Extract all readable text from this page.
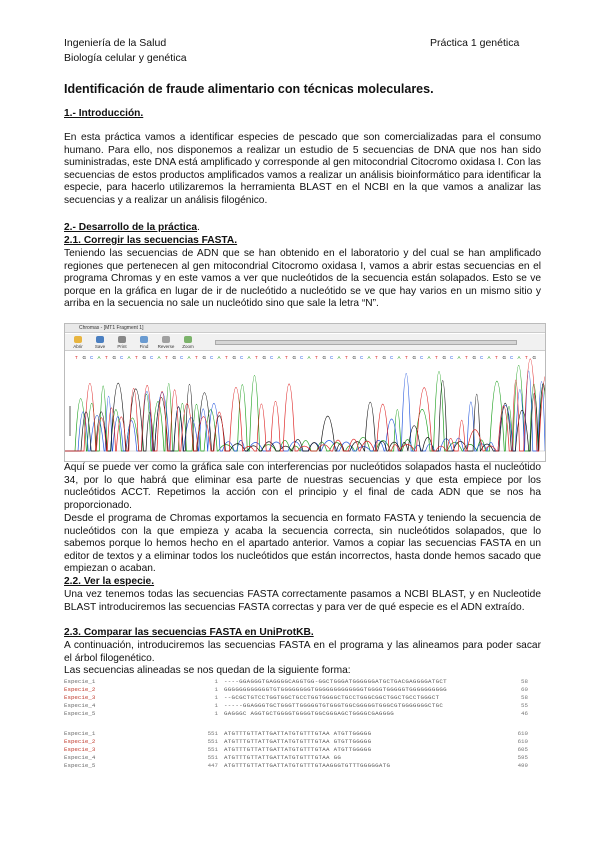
Ingeniería de la Salud
Biología celular y genética
Práctica 1 genética
Identificación de fraude alimentario con técnicas moleculares.
1.- Introducción.
En esta práctica vamos a identificar especies de pescado que son comercializadas para el consumo humano. Para ello, nos disponemos a realizar un estudio de 5 secuencias de DNA que nos han sido suministradas, este DNA está amplificado y corresponde al gen mitocondrial Citocromo oxidasa I. Con las secuencias de estos productos amplificados vamos a realizar un análisis bioinformático para identificar la especie, para hacerlo utilizaremos la herramienta BLAST en el NCBI en la que vamos a analizar las secuencias y a realizar un análisis filogénico.
2.- Desarrollo de la práctica.
2.1. Corregir las secuencias FASTA.
Teniendo las secuencias de ADN que se han obtenido en el laboratorio y del cual se han amplificado regiones que pertenecen al gen mitocondrial Citocromo oxidasa I, vamos a abrir estas secuencias en el programa Chromas y en este vamos a ver que nucleótidos de la secuencia están solapados. Esto se ve porque en la gráfica en lugar de ir de nucleótido a nucleótido se ve que hay varios en un mismo sitio y arriba en la secuencia no sale un nucleótido sino que sale la letra “N”.
Chromas - [MT1 Fragment 1]
Abrir	Save	Print	Find	Reverse	Zoom
T G C A T G C A T G C A T G C A T G C A T G C A T G C A T G C A T G C A T G C A T G C A T G C A T G C A T G C A T G C A T G
Aquí se puede ver como la gráfica sale con interferencias por nucleótidos solapados hasta el nucleótido 34, por lo que habrá que eliminar esa parte de nuestras secuencias y que esta empiece por los nucleótidos ACCT. Repetimos la acción con el principio y el final de cada ADN que se nos ha proporcionado.
Desde el programa de Chromas exportamos la secuencia en formato FASTA y teniendo la secuencia de nucleótidos con la que empieza y acaba la secuencia correcta, sin nucleótidos solapados, que lo sabemos porque lo hemos hecho en el apartado anterior. Vamos a copiar las secuencias FASTA en un editor de textos y a eliminar todos los nucleótidos que están incorrectos, hasta donde hemos sacado que empiezan o acaban.
2.2. Ver la especie.
Una vez tenemos todas las secuencias FASTA correctamente pasamos a NCBI BLAST, y en Nucleotide BLAST introduciremos las secuencias FASTA correctas y para ver de qué especie es el ADN extraído.
2.3. Comparar las secuencias FASTA en UniProtKB.
A continuación, introduciremos las secuencias FASTA en el programa y las alineamos para poder sacar el árbol filogenético.
Las secuencias alineadas se nos quedan de la siguiente forma:
Especie_1	1 ----GGAGGGTGAGGGGCAGGTGG-GGCTGGGATGGGGGGATGCTGACGAGGGGATGCT	58
Especie_2	1 GGGGGGGGGGGGTGTGGGGGGGGTGGGGGGGGGGGGGTGGGGTGGGGGTGGGGGGGGGG	60
Especie_3	1 --GCGCTGTCCTGGTGGCTGCCTGGTGGGGCTGCCTGGGCGGCTGGCTGCCTGGGCT	58
Especie_4	1 -----GGAGGGTGCTGGGTTGGGGGTGTGGGTGGCGGGGGTGGGCGTGGGGGGGCTGC	55
Especie_5	1 GAGGGC AGGTGCTGGGGTGGGGTGGCGGGAGCTGGGGCGAGGGG	46
Especie_1	551 ATGTTTGTTATTGATTATGTGTTTGTAA ATGTTGGGGG	610
Especie_2	551 ATGTTTGTTATTGATTATGTGTTTGTAA GTGTTGGGGG	610
Especie_3	551 ATGTTTGTTATTGATTATGTGTTTGTAA ATGTTGGGGG	605
Especie_4	551 ATGTTTGTTATTGATTATGTGTTTGTAA GG	595
Especie_5	447 ATGTTTGTTATTGATTATGTGTTTGTAAGGGTGTTTGGGGGATG	499
